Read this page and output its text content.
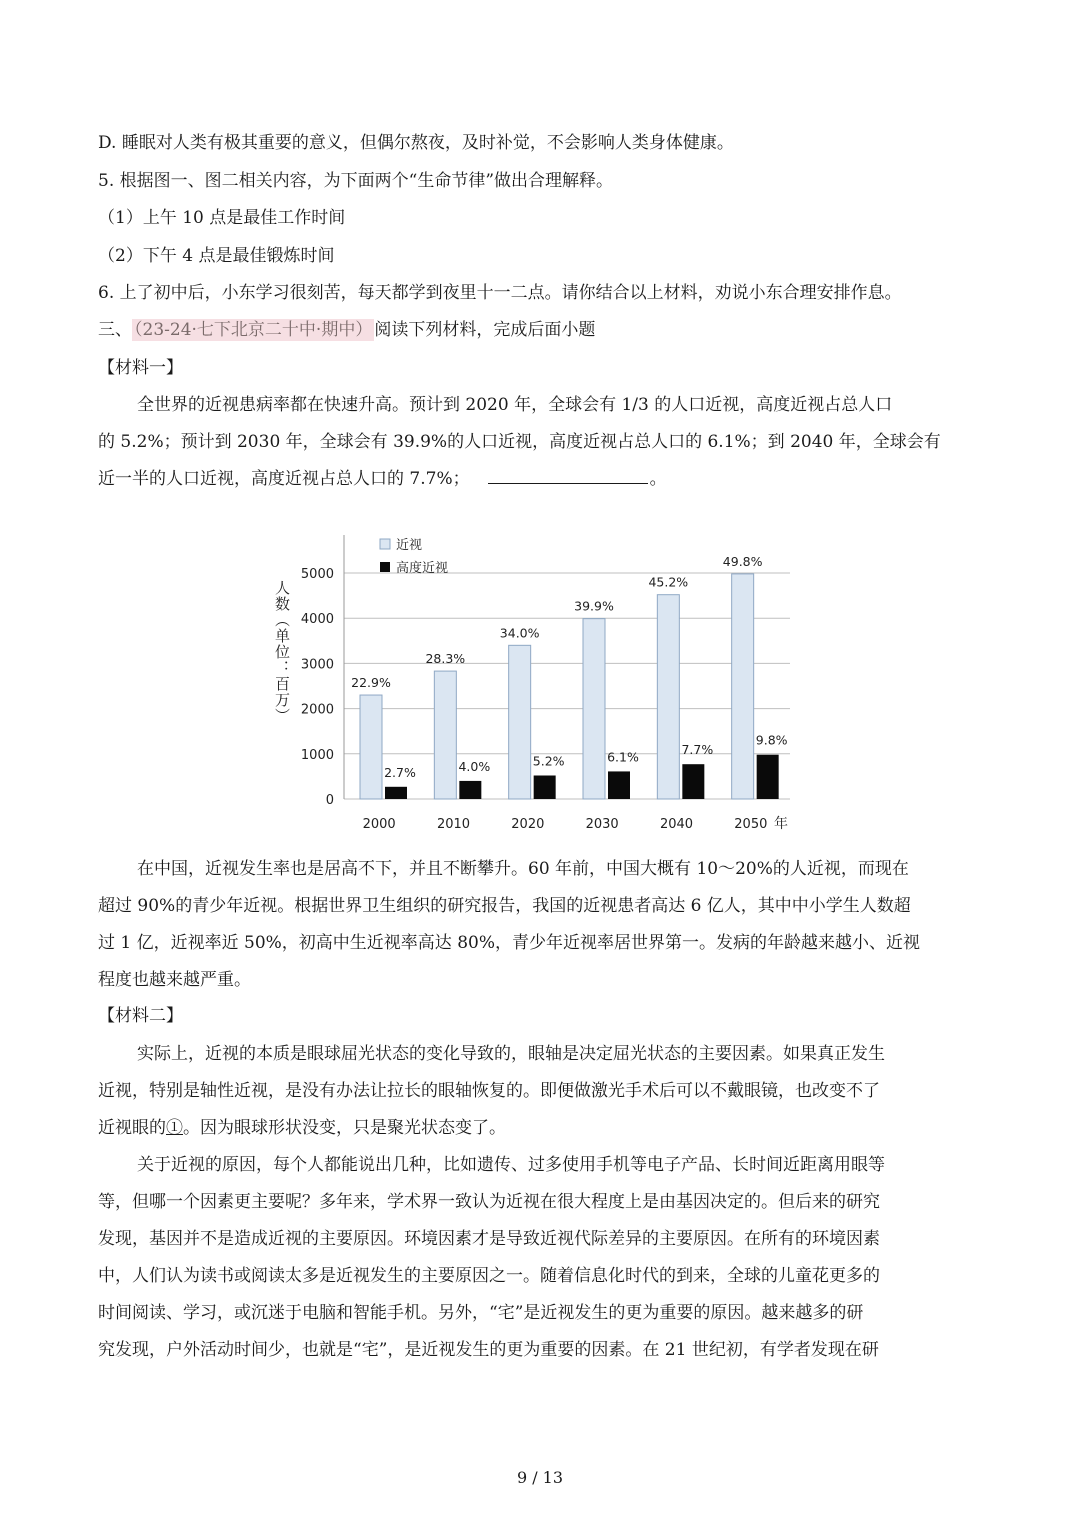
D. 睡眠对人类有极其重要的意义，但偶尔熬夜，及时补觉，不会影响人类身体健康。
5. 根据图一、图二相关内容，为下面两个“生命节律”做出合理解释。
（1）上午 10 点是最佳工作时间
（2）下午 4 点是最佳锻炼时间
6. 上了初中后，小东学习很刻苦，每天都学到夜里十一二点。请你结合以上材料，劝说小东合理安排作息。
三、 （23-24·七下北京二十中·期中） 阅读下列材料，完成后面小题
【材料一】
全世界的近视患病率都在快速升高。预计到 2020 年，全球会有 1/3 的人口近视，高度近视占总人口
的 5.2%；预计到 2030 年，全球会有 39.9%的人口近视，高度近视占总人口的 6.1%；到 2040 年，全球会有
近一半的人口近视，高度近视占总人口的 7.7%；	。
0
1000
2000
3000
4000
5000
22.9%
2.7%
28.3%
4.0%
34.0%
5.2%
39.9%
6.1%
45.2%
7.7%
49.8%
9.8%
2000	2010	2020	2030	2040	2050 年
人数（单位：百万）
近视
高度近视
在中国，近视发生率也是居高不下，并且不断攀升。60 年前，中国大概有 10～20%的人近视，而现在
超过 90%的青少年近视。根据世界卫生组织的研究报告，我国的近视患者高达 6 亿人，其中中小学生人数超
过 1 亿，近视率近 50%，初高中生近视率高达 80%，青少年近视率居世界第一。发病的年龄越来越小、近视
程度也越来越严重。
【材料二】
实际上，近视的本质是眼球屈光状态的变化导致的，眼轴是决定屈光状态的主要因素。如果真正发生
近视，特别是轴性近视，是没有办法让拉长的眼轴恢复的。即便做激光手术后可以不戴眼镜，也改变不了
近视眼的①。因为眼球形状没变，只是聚光状态变了。
关于近视的原因，每个人都能说出几种，比如遗传、过多使用手机等电子产品、长时间近距离用眼等
等，但哪一个因素更主要呢？多年来，学术界一致认为近视在很大程度上是由基因决定的。但后来的研究
发现，基因并不是造成近视的主要原因。环境因素才是导致近视代际差异的主要原因。在所有的环境因素
中，人们认为读书或阅读太多是近视发生的主要原因之一。随着信息化时代的到来，全球的儿童花更多的
时间阅读、学习，或沉迷于电脑和智能手机。另外，“宅”是近视发生的更为重要的原因。越来越多的研
究发现，户外活动时间少，也就是“宅”，是近视发生的更为重要的因素。在 21 世纪初，有学者发现在研
9 / 13
